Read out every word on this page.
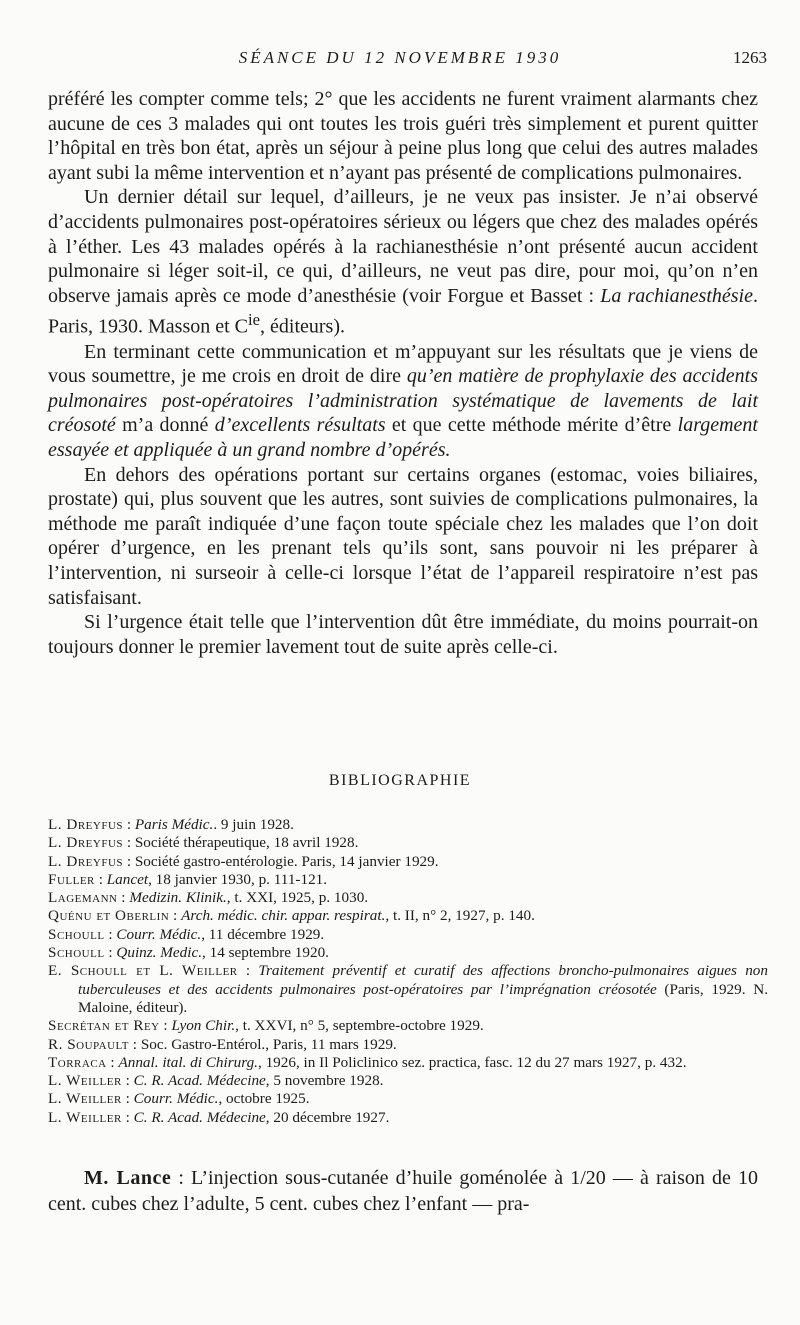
SÉANCE DU 12 NOVEMBRE 1930	1263

préféré les compter comme tels; 2° que les accidents ne furent vraiment alarmants chez aucune de ces 3 malades qui ont toutes les trois guéri très simplement et purent quitter l’hôpital en très bon état, après un séjour à peine plus long que celui des autres malades ayant subi la même intervention et n’ayant pas présenté de complications pulmonaires.

Un dernier détail sur lequel, d’ailleurs, je ne veux pas insister. Je n’ai observé d’accidents pulmonaires post-opératoires sérieux ou légers que chez des malades opérés à l’éther. Les 43 malades opérés à la rachianesthésie n’ont présenté aucun accident pulmonaire si léger soit-il, ce qui, d’ailleurs, ne veut pas dire, pour moi, qu’on n’en observe jamais après ce mode d’anesthésie (voir Forgue et Basset : La rachianesthésie. Paris, 1930. Masson et $C^{ie}$, éditeurs).

En terminant cette communication et m’appuyant sur les résultats que je viens de vous soumettre, je me crois en droit de dire qu’en matière de prophylaxie des accidents pulmonaires post-opératoires l’administration systématique de lavements de lait créosoté m’a donné d’excellents résultats et que cette méthode mérite d’être largement essayée et appliquée à un grand nombre d’opérés.

En dehors des opérations portant sur certains organes (estomac, voies biliaires, prostate) qui, plus souvent que les autres, sont suivies de complications pulmonaires, la méthode me paraît indiquée d’une façon toute spéciale chez les malades que l’on doit opérer d’urgence, en les prenant tels qu’ils sont, sans pouvoir ni les préparer à l’intervention, ni surseoir à celle-ci lorsque l’état de l’appareil respiratoire n’est pas satisfaisant.

Si l’urgence était telle que l’intervention dût être immédiate, du moins pourrait-on toujours donner le premier lavement tout de suite après celle-ci.

BIBLIOGRAPHIE
L. Dreyfus : Paris Médic.. 9 juin 1928.
L. Dreyfus : Société thérapeutique, 18 avril 1928.
L. Dreyfus : Société gastro-entérologie. Paris, 14 janvier 1929.
Fuller : Lancet, 18 janvier 1930, p. 111-121.
Lagemann : Medizin. Klinik., t. XXI, 1925, p. 1030.
Quénu et Oberlin : Arch. médic. chir. appar. respirat., t. II, n° 2, 1927, p. 140.
Schoull : Courr. Médic., 11 décembre 1929.
Schoull : Quinz. Medic., 14 septembre 1920.
E. Schoull et L. Weiller : Traitement préventif et curatif des affections broncho-pulmonaires aigues non tuberculeuses et des accidents pulmonaires post-opératoires par l’imprégnation créosotée (Paris, 1929. N. Maloine, éditeur).
Secrétan et Rey : Lyon Chir., t. XXVI, n° 5, septembre-octobre 1929.
R. Soupault : Soc. Gastro-Entérol., Paris, 11 mars 1929.
Torraca : Annal. ital. di Chirurg., 1926, in Il Policlinico sez. practica, fasc. 12 du 27 mars 1927, p. 432.
L. Weiller : C. R. Acad. Médecine, 5 novembre 1928.
L. Weiller : Courr. Médic., octobre 1925.
L. Weiller : C. R. Acad. Médecine, 20 décembre 1927.

M. Lance : L’injection sous-cutanée d’huile goménolée à 1/20 — à raison de 10 cent. cubes chez l’adulte, 5 cent. cubes chez l’enfant — pra-
